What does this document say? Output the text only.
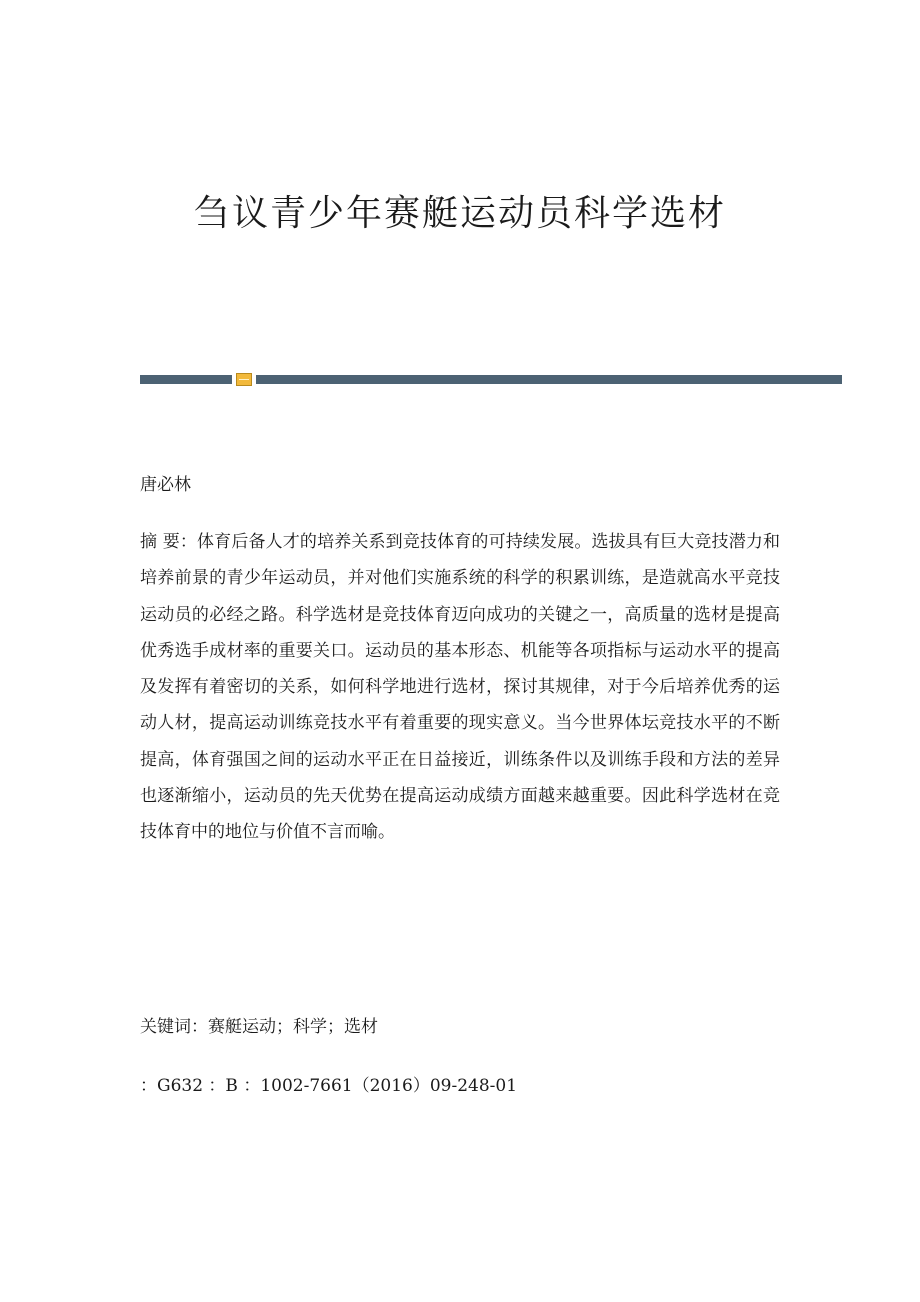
刍议青少年赛艇运动员科学选材
唐必林

摘 要：体育后备人才的培养关系到竞技体育的可持续发展。选拔具有巨大竞技潜力和培养前景的青少年运动员，并对他们实施系统的科学的积累训练，是造就高水平竞技运动员的必经之路。科学选材是竞技体育迈向成功的关键之一，高质量的选材是提高优秀选手成材率的重要关口。运动员的基本形态、机能等各项指标与运动水平的提高及发挥有着密切的关系，如何科学地进行选材，探讨其规律，对于今后培养优秀的运动人材，提高运动训练竞技水平有着重要的现实意义。当今世界体坛竞技水平的不断提高，体育强国之间的运动水平正在日益接近，训练条件以及训练手段和方法的差异也逐渐缩小，运动员的先天优势在提高运动成绩方面越来越重要。因此科学选材在竞技体育中的地位与价值不言而喻。

关键词：赛艇运动；科学；选材
：G632 ：B ：1002-7661（2016）09-248-01
